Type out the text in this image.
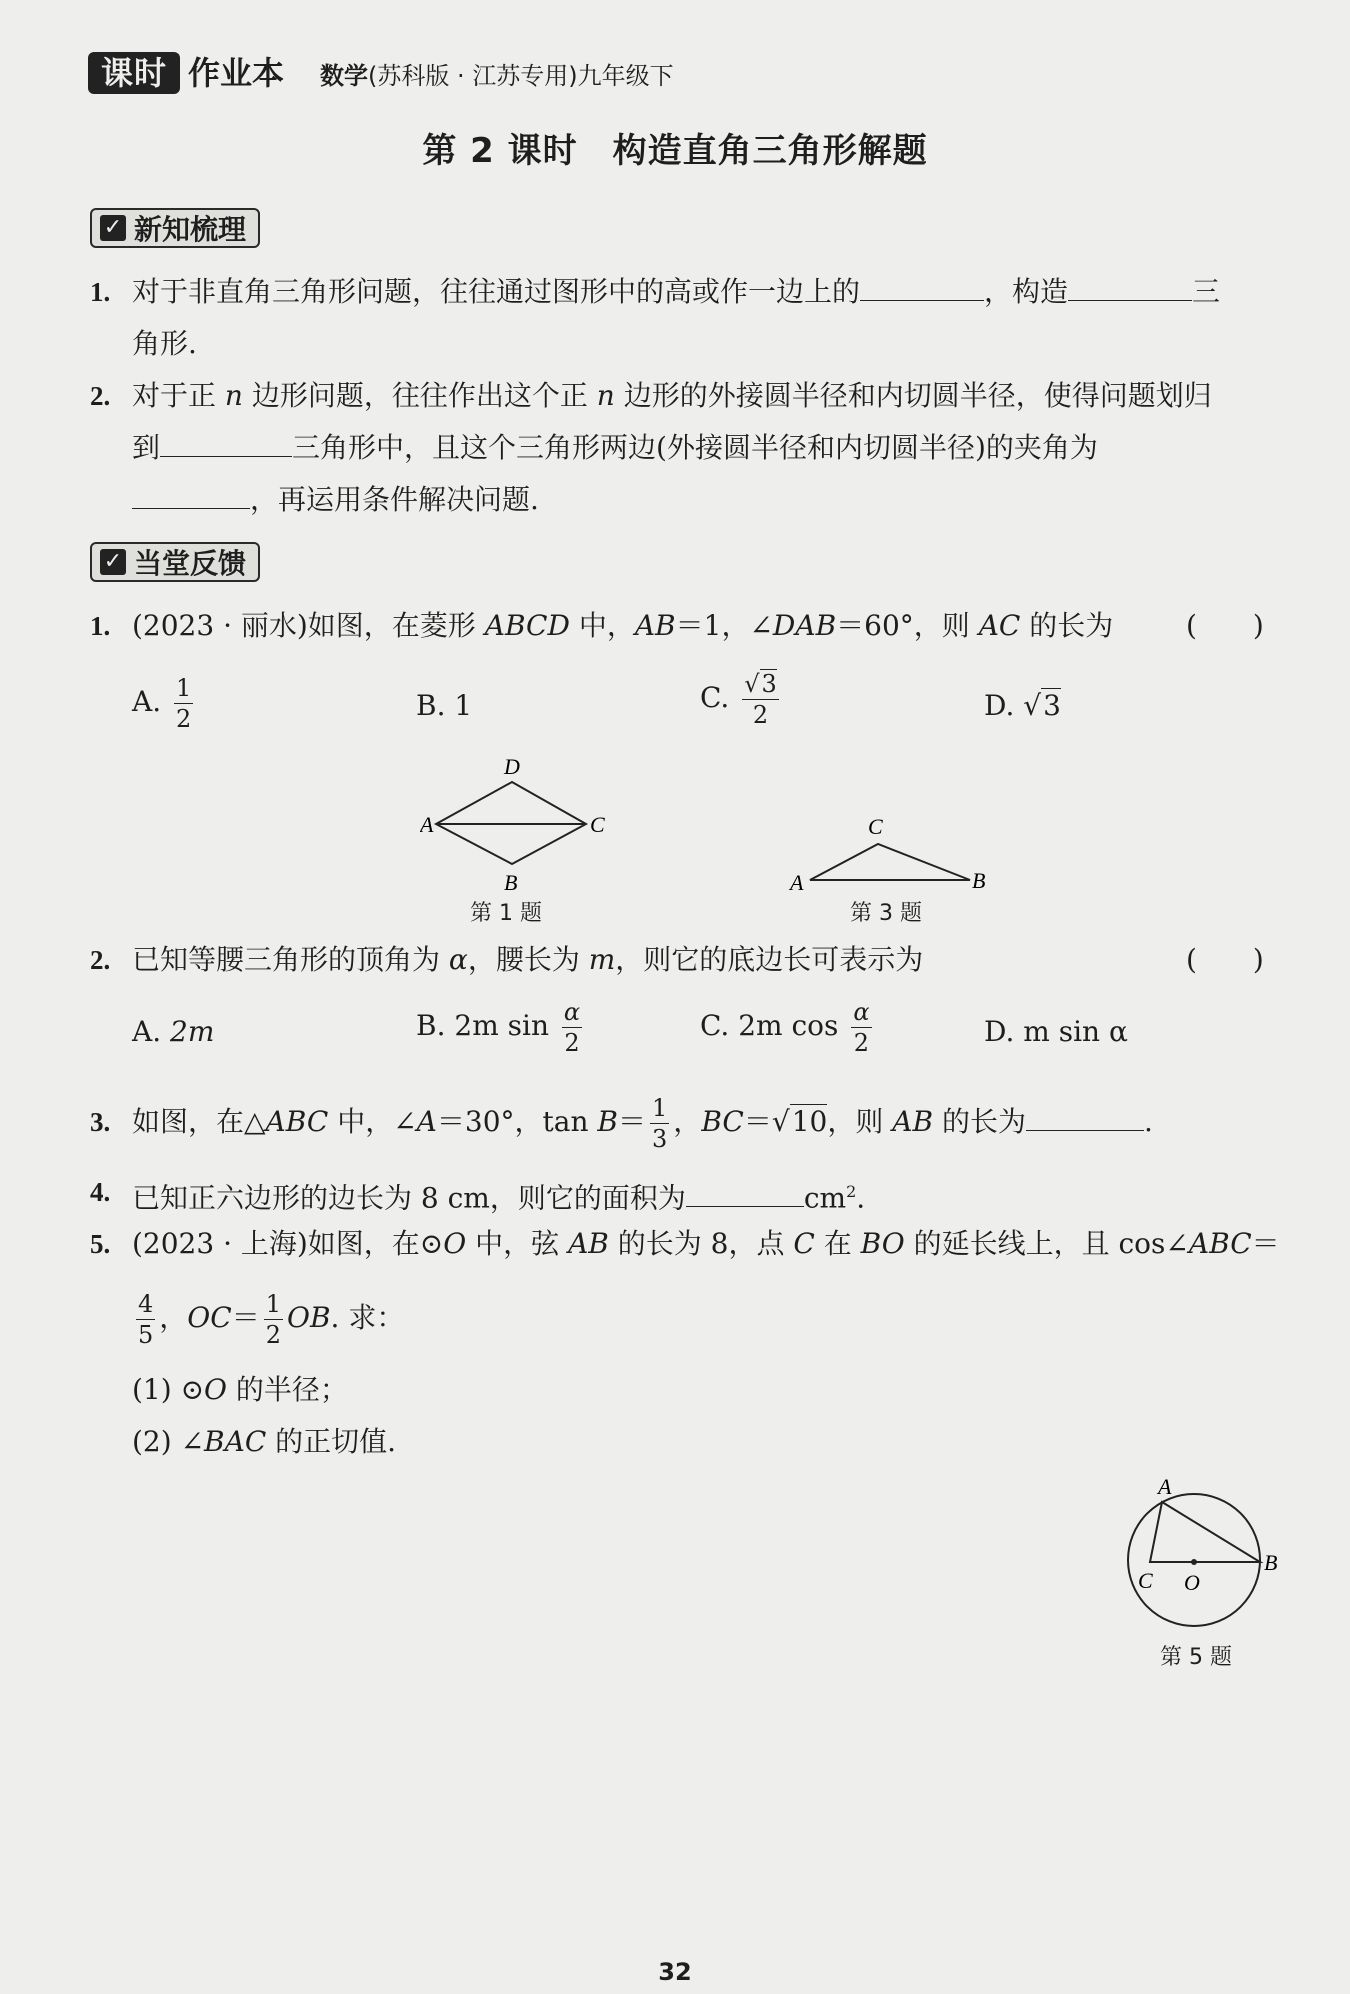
课时 作业本 数学(苏科版 · 江苏专用)九年级下
第 2 课时　构造直角三角形解题
✓ 新知梳理
1. 对于非直角三角形问题，往往通过图形中的高或作一边上的	，构造	三
角形.
2. 对于正 n 边形问题，往往作出这个正 n 边形的外接圆半径和内切圆半径，使得问题划归
到	三角形中，且这个三角形两边(外接圆半径和内切圆半径)的夹角为
，再运用条件解决问题.
✓ 当堂反馈
1. (2023 · 丽水)如图，在菱形 ABCD 中，AB＝1，∠DAB＝60°，则 AC 的长为	(　　)
A. $\frac{1}{2}$	B. 1	C. $\frac{√3}{2}$	D. √3
D
A	C
B
第 1 题
C
A	B
第 3 题
2. 已知等腰三角形的顶角为 α，腰长为 m，则它的底边长可表示为	(　　)
A. 2m	B. 2m $\sin \frac{\alpha}{2}$	C. 2m $\cos \frac{\alpha}{2}$	D. m sin α
3. 如图，在△ABC 中，∠A＝30°，$\tan B= \frac{1}{3}$ ，BC＝√10，则 AB 的长为	.
4. 已知正六边形的边长为 8 cm，则它的面积为	$cm^2$.
5. (2023 · 上海)如图，在⊙O 中，弦 AB 的长为 8，点 C 在 BO 的延长线上，且 cos∠ABC＝
$\frac{4}{5}$ ，$OC= \frac{1}{2}$ OB. 求：
(1) ⊙O 的半径；
(2) ∠BAC 的正切值.
A
B
C O
第 5 题
32
